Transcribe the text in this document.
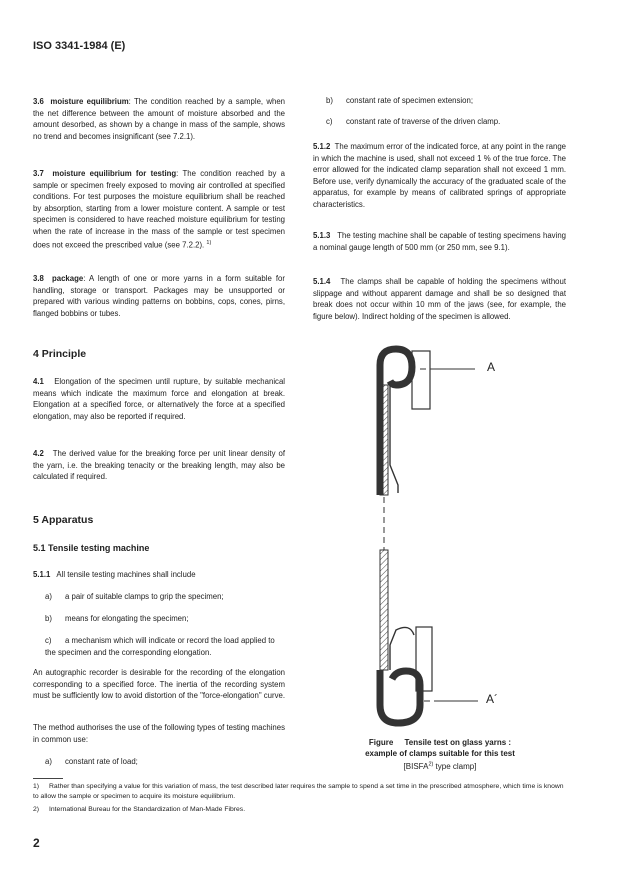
ISO 3341-1984 (E)
3.6 moisture equilibrium: The condition reached by a sample, when the net difference between the amount of moisture absorbed and the amount desorbed, as shown by a change in mass of the sample, shows no trend and becomes insignificant (see 7.2.1).
3.7 moisture equilibrium for testing: The condition reached by a sample or specimen freely exposed to moving air controlled at specified conditions. For test purposes the moisture equilibrium shall be reached by absorption, starting from a lower moisture content. A sample or test specimen is considered to have reached moisture equilibrium for testing when the rate of increase in the mass of the sample or test specimen does not exceed the prescribed value (see 7.2.2). $^{1)}$
3.8 package: A length of one or more yarns in a form suitable for handling, storage or transport. Packages may be unsupported or prepared with various winding patterns on bobbins, cops, cones, pirns, flanged bobbins or tubes.
4 Principle
4.1 Elongation of the specimen until rupture, by suitable mechanical means which indicate the maximum force and elongation at break. Elongation at a specified force, or alternatively the force at a specified elongation, may also be reported if required.
4.2 The derived value for the breaking force per unit linear density of the yarn, i.e. the breaking tenacity or the breaking length, may also be calculated if required.
5 Apparatus
5.1 Tensile testing machine
5.1.1 All tensile testing machines shall include
a) a pair of suitable clamps to grip the specimen;
b) means for elongating the specimen;
c) a mechanism which will indicate or record the load applied to the specimen and the corresponding elongation.
An autographic recorder is desirable for the recording of the elongation corresponding to a specified force. The inertia of the recording system must be sufficiently low to avoid distortion of the "force-elongation" curve.
The method authorises the use of the following types of testing machines in common use:
a) constant rate of load;
b) constant rate of specimen extension;
c) constant rate of traverse of the driven clamp.
5.1.2 The maximum error of the indicated force, at any point in the range in which the machine is used, shall not exceed 1 % of the true force. The error allowed for the indicated clamp separation shall not exceed 1 mm. Before use, verify dynamically the accuracy of the graduated scale of the apparatus, for example by means of calibrated springs of appropriate characteristics.
5.1.3 The testing machine shall be capable of testing specimens having a nominal gauge length of 500 mm (or 250 mm, see 9.1).
5.1.4 The clamps shall be capable of holding the specimens without slippage and without apparent damage and shall be so designed that break does not occur within 10 mm of the jaws (see, for example, the figure below). Indirect holding of the specimen is allowed.
A
A´
Figure Tensile test on glass yarns :
example of clamps suitable for this test
[BISFA$^{2)}$ type clamp]
1) Rather than specifying a value for this variation of mass, the test described later requires the sample to spend a set time in the prescribed atmosphere, which time is known to allow the sample or specimen to acquire its moisture equilibrium.
2) International Bureau for the Standardization of Man-Made Fibres.
2
